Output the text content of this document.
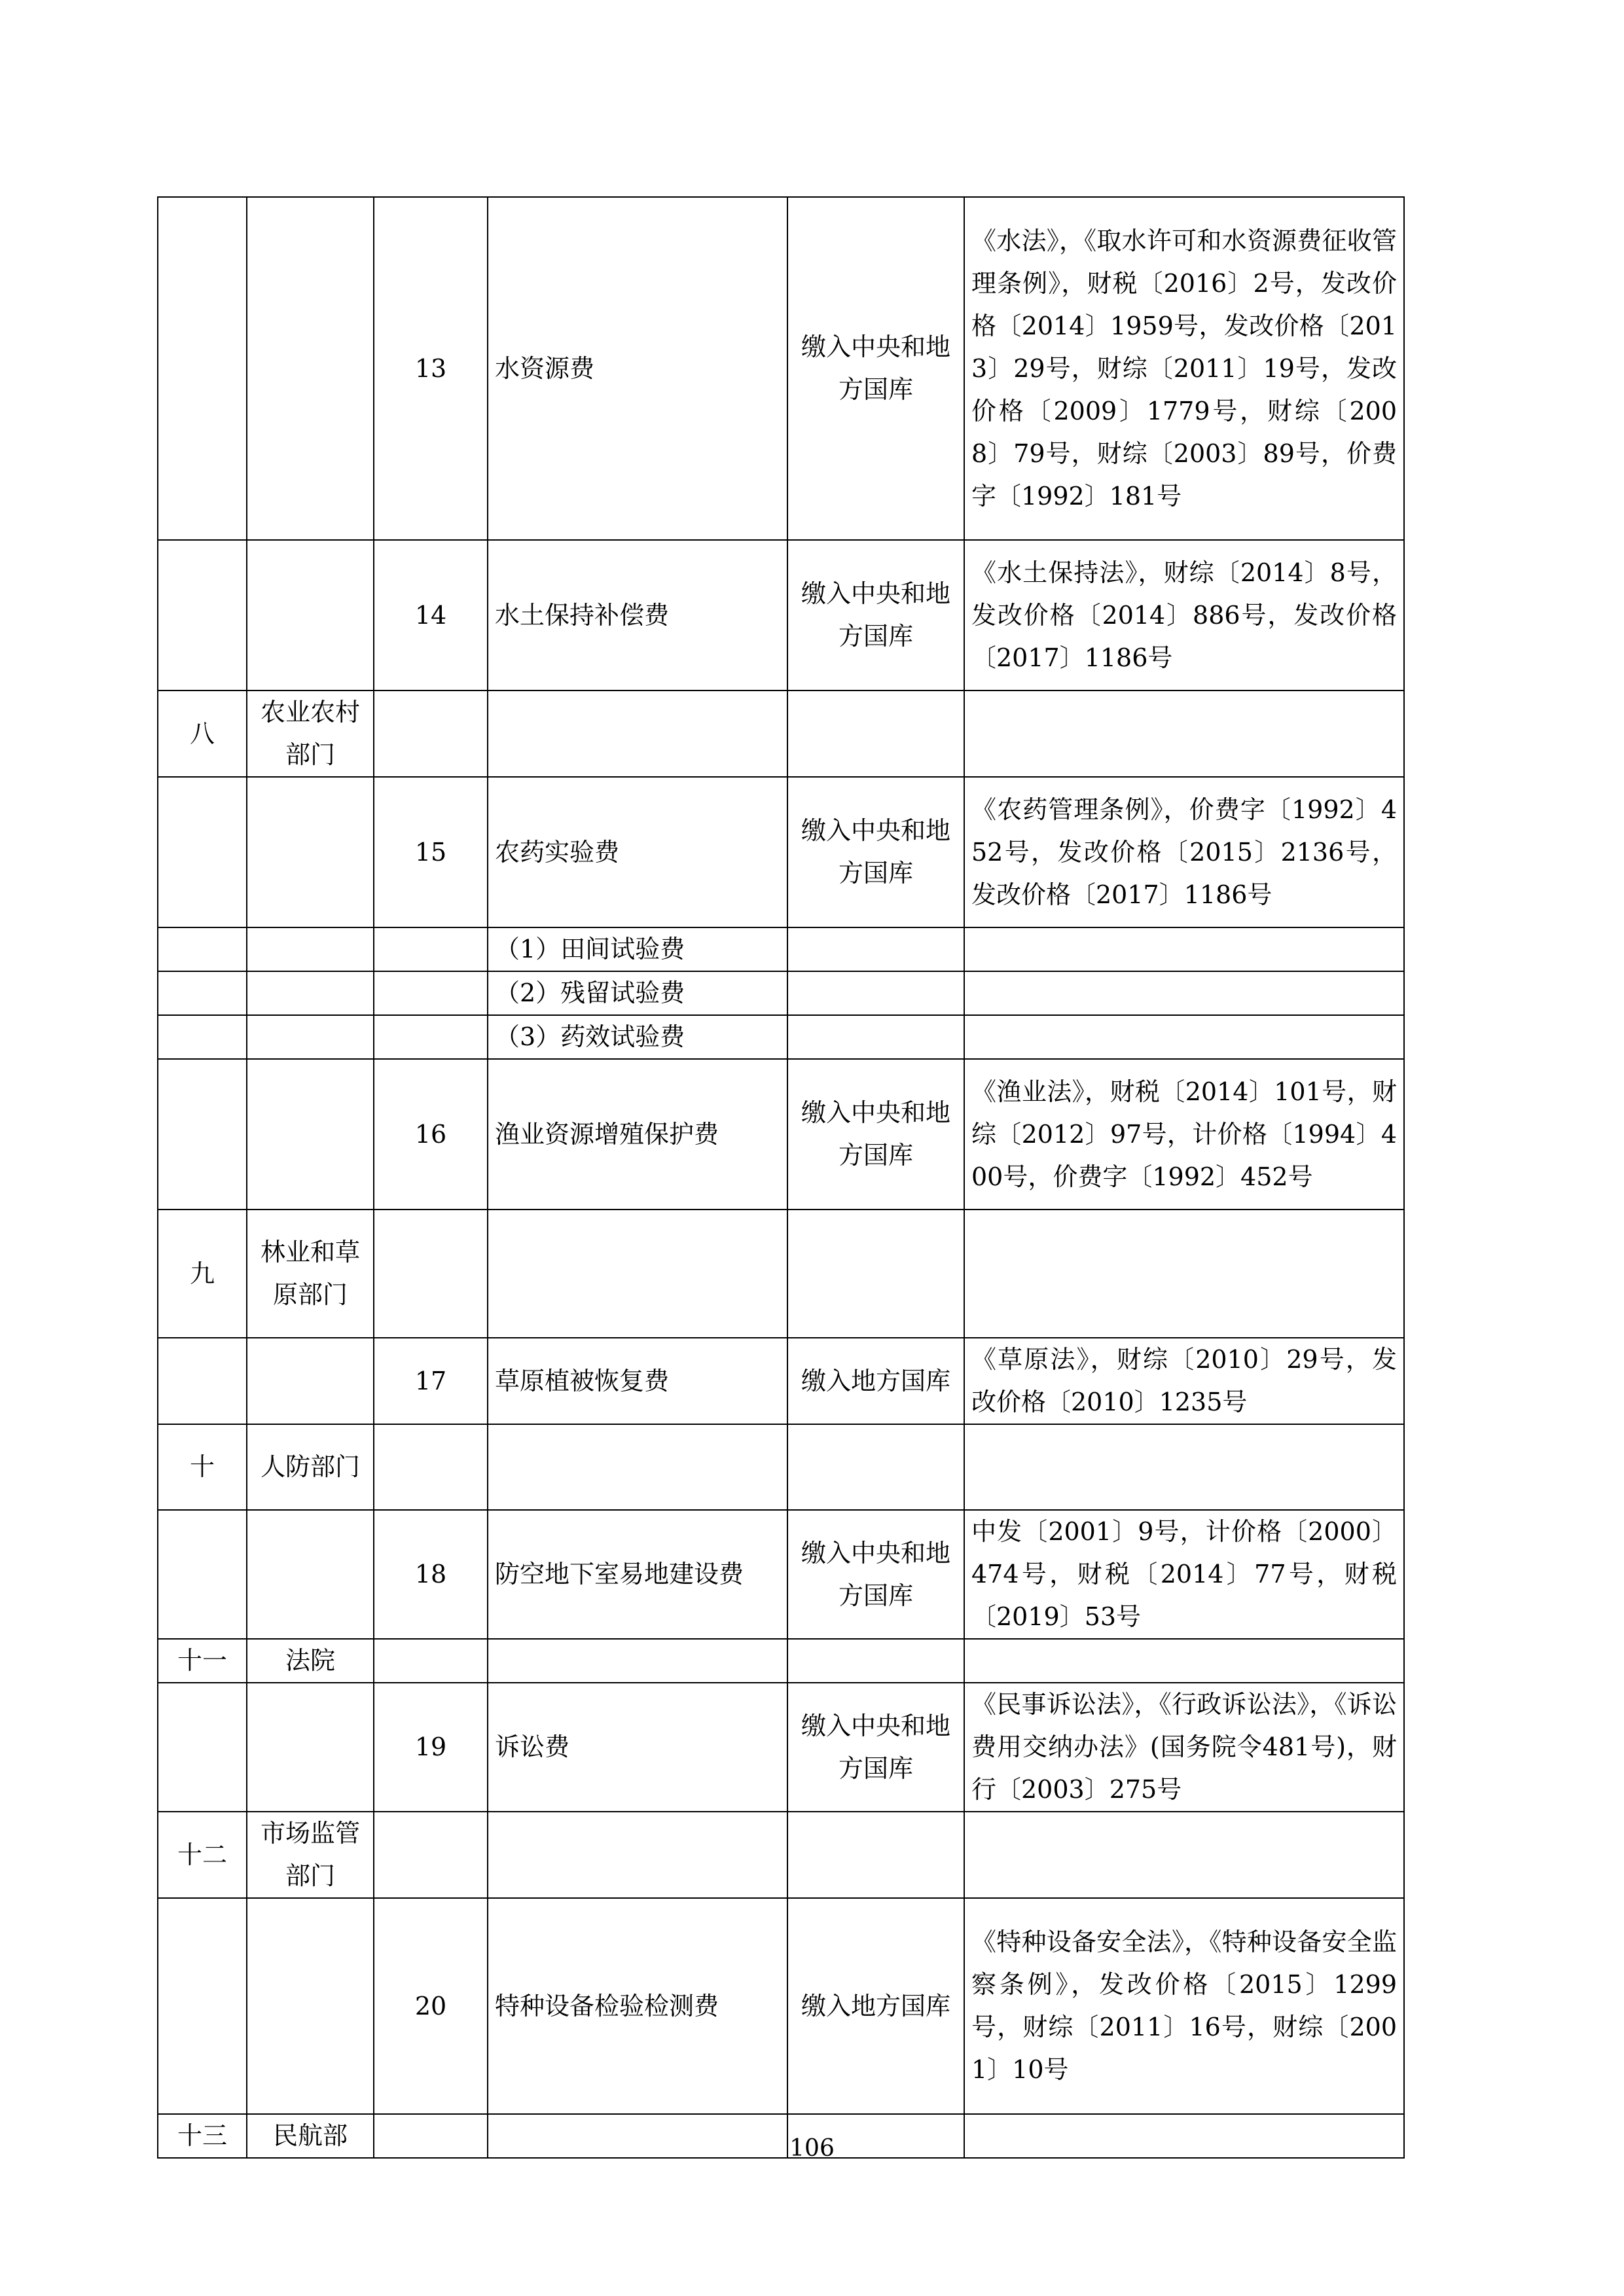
		13	水资源费	缴入中央和地方国库	《水法》，《取水许可和水资源费征收管理条例》，财税〔2016〕2号，发改价格〔2014〕1959号，发改价格〔2013〕29号，财综〔2011〕19号，发改价格〔2009〕1779号，财综〔2008〕79号，财综〔2003〕89号，价费字〔1992〕181号

		14	水土保持补偿费	缴入中央和地方国库	《水土保持法》，财综〔2014〕8号，发改价格〔2014〕886号，发改价格〔2017〕1186号

八	农业农村部门		

		15	农药实验费	缴入中央和地方国库	《农药管理条例》，价费字〔1992〕452号，发改价格〔2015〕2136号，发改价格〔2017〕1186号

			（1）田间试验费		

			（2）残留试验费		

			（3）药效试验费		

		16	渔业资源增殖保护费	缴入中央和地方国库	《渔业法》，财税〔2014〕101号，财综〔2012〕97号，计价格〔1994〕400号，价费字〔1992〕452号

九	林业和草原部门		

		17	草原植被恢复费	缴入地方国库	《草原法》，财综〔2010〕29号，发改价格〔2010〕1235号

十	人防部门		

		18	防空地下室易地建设费	缴入中央和地方国库	中发〔2001〕9号，计价格〔2000〕474号，财税〔2014〕77号，财税〔2019〕53号

十一	法院		

		19	诉讼费	缴入中央和地方国库	《民事诉讼法》，《行政诉讼法》，《诉讼费用交纳办法》(国务院令481号)，财行〔2003〕275号

十二	市场监管部门		

		20	特种设备检验检测费	缴入地方国库	《特种设备安全法》，《特种设备安全监察条例》，发改价格〔2015〕1299号，财综〔2011〕16号，财综〔2001〕10号

十三	民航部		
			106
